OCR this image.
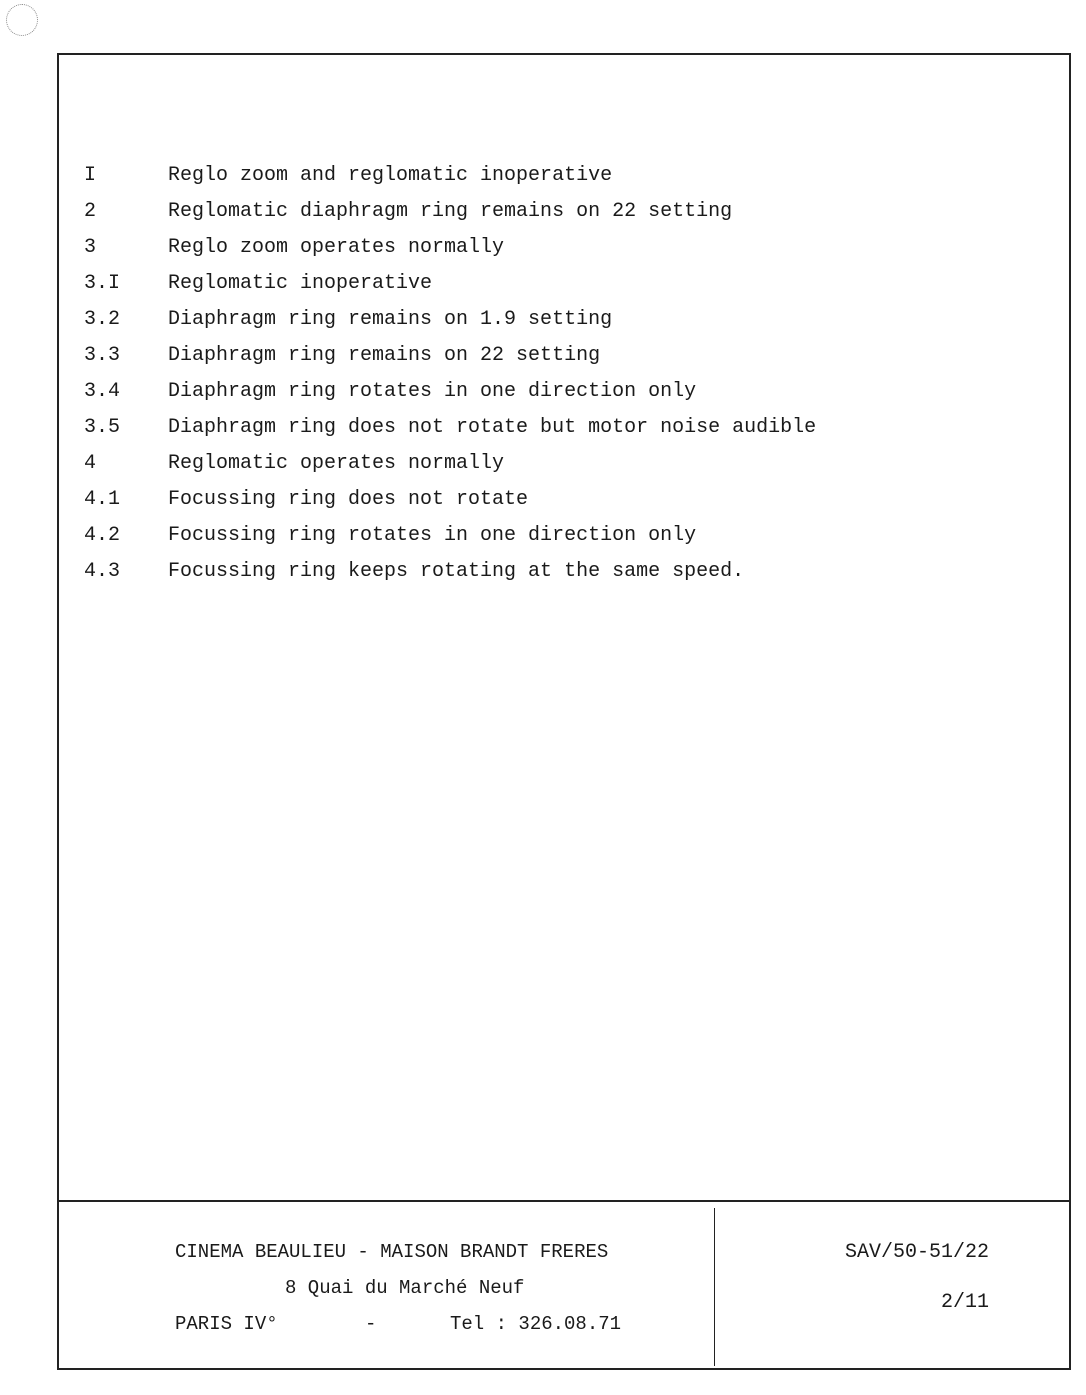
I	Reglo zoom and reglomatic inoperative
2	Reglomatic diaphragm ring remains on 22 setting
3	Reglo zoom operates normally
3.I	Reglomatic inoperative
3.2	Diaphragm ring remains on 1.9 setting
3.3	Diaphragm ring remains on 22 setting
3.4	Diaphragm ring rotates in one direction only
3.5	Diaphragm ring does not rotate but motor noise audible
4	Reglomatic operates normally
4.1	Focussing ring does not rotate
4.2	Focussing ring rotates in one direction only
4.3	Focussing ring keeps rotating at the same speed.
CINEMA BEAULIEU - MAISON BRANDT FRERES
8 Quai du Marché Neuf
PARIS IV°	-	Tel : 326.08.71
SAV/50-51/22
2/11
